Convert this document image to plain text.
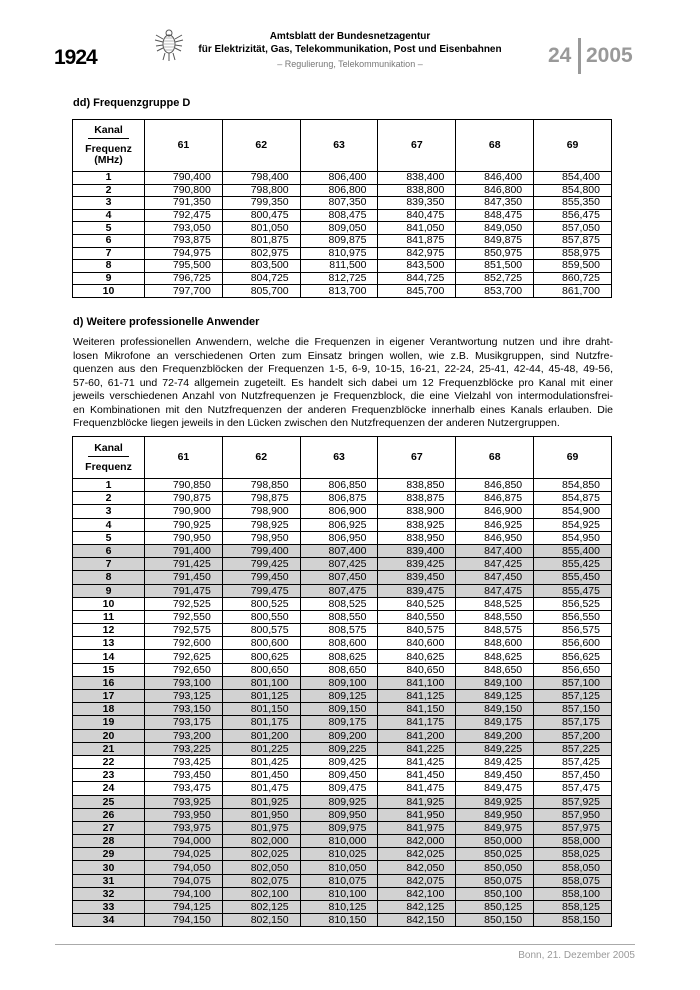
1924
Amtsblatt der Bundesnetzagentur
für Elektrizität, Gas, Telekommunikation, Post und Eisenbahnen
– Regulierung, Telekommunikation –	24 2005
dd) Frequenzgruppe D
Kanal
Frequenz
(MHz)	61	62	63	67	68	69
1	790,400	798,400	806,400	838,400	846,400	854,400
2	790,800	798,800	806,800	838,800	846,800	854,800
3	791,350	799,350	807,350	839,350	847,350	855,350
4	792,475	800,475	808,475	840,475	848,475	856,475
5	793,050	801,050	809,050	841,050	849,050	857,050
6	793,875	801,875	809,875	841,875	849,875	857,875
7	794,975	802,975	810,975	842,975	850,975	858,975
8	795,500	803,500	811,500	843,500	851,500	859,500
9	796,725	804,725	812,725	844,725	852,725	860,725
10	797,700	805,700	813,700	845,700	853,700	861,700
d) Weitere professionelle Anwender
Weiteren professionellen Anwendern, welche die Frequenzen in eigener Verantwortung nutzen und ihre draht-
losen Mikrofone an verschiedenen Orten zum Einsatz bringen wollen, wie z.B. Musikgruppen, sind Nutzfre-
quenzen aus den Frequenzblöcken der Frequenzen 1-5, 6-9, 10-15, 16-21, 22-24, 25-41, 42-44, 45-48, 49-56,
57-60, 61-71 und 72-74 allgemein zugeteilt. Es handelt sich dabei um 12 Frequenzblöcke pro Kanal mit einer
jeweils verschiedenen Anzahl von Nutzfrequenzen je Frequenzblock, die eine Vielzahl von intermodulationsfrei-
en Kombinationen mit den Nutzfrequenzen der anderen Frequenzblöcke innerhalb eines Kanals erlauben. Die
Frequenzblöcke liegen jeweils in den Lücken zwischen den Nutzfrequenzen der anderen Nutzergruppen.
Kanal
Frequenz	61	62	63	67	68	69
1	790,850	798,850	806,850	838,850	846,850	854,850
2	790,875	798,875	806,875	838,875	846,875	854,875
3	790,900	798,900	806,900	838,900	846,900	854,900
4	790,925	798,925	806,925	838,925	846,925	854,925
5	790,950	798,950	806,950	838,950	846,950	854,950
6	791,400	799,400	807,400	839,400	847,400	855,400
7	791,425	799,425	807,425	839,425	847,425	855,425
8	791,450	799,450	807,450	839,450	847,450	855,450
9	791,475	799,475	807,475	839,475	847,475	855,475
10	792,525	800,525	808,525	840,525	848,525	856,525
11	792,550	800,550	808,550	840,550	848,550	856,550
12	792,575	800,575	808,575	840,575	848,575	856,575
13	792,600	800,600	808,600	840,600	848,600	856,600
14	792,625	800,625	808,625	840,625	848,625	856,625
15	792,650	800,650	808,650	840,650	848,650	856,650
16	793,100	801,100	809,100	841,100	849,100	857,100
17	793,125	801,125	809,125	841,125	849,125	857,125
18	793,150	801,150	809,150	841,150	849,150	857,150
19	793,175	801,175	809,175	841,175	849,175	857,175
20	793,200	801,200	809,200	841,200	849,200	857,200
21	793,225	801,225	809,225	841,225	849,225	857,225
22	793,425	801,425	809,425	841,425	849,425	857,425
23	793,450	801,450	809,450	841,450	849,450	857,450
24	793,475	801,475	809,475	841,475	849,475	857,475
25	793,925	801,925	809,925	841,925	849,925	857,925
26	793,950	801,950	809,950	841,950	849,950	857,950
27	793,975	801,975	809,975	841,975	849,975	857,975
28	794,000	802,000	810,000	842,000	850,000	858,000
29	794,025	802,025	810,025	842,025	850,025	858,025
30	794,050	802,050	810,050	842,050	850,050	858,050
31	794,075	802,075	810,075	842,075	850,075	858,075
32	794,100	802,100	810,100	842,100	850,100	858,100
33	794,125	802,125	810,125	842,125	850,125	858,125
34	794,150	802,150	810,150	842,150	850,150	858,150
Bonn, 21. Dezember 2005
